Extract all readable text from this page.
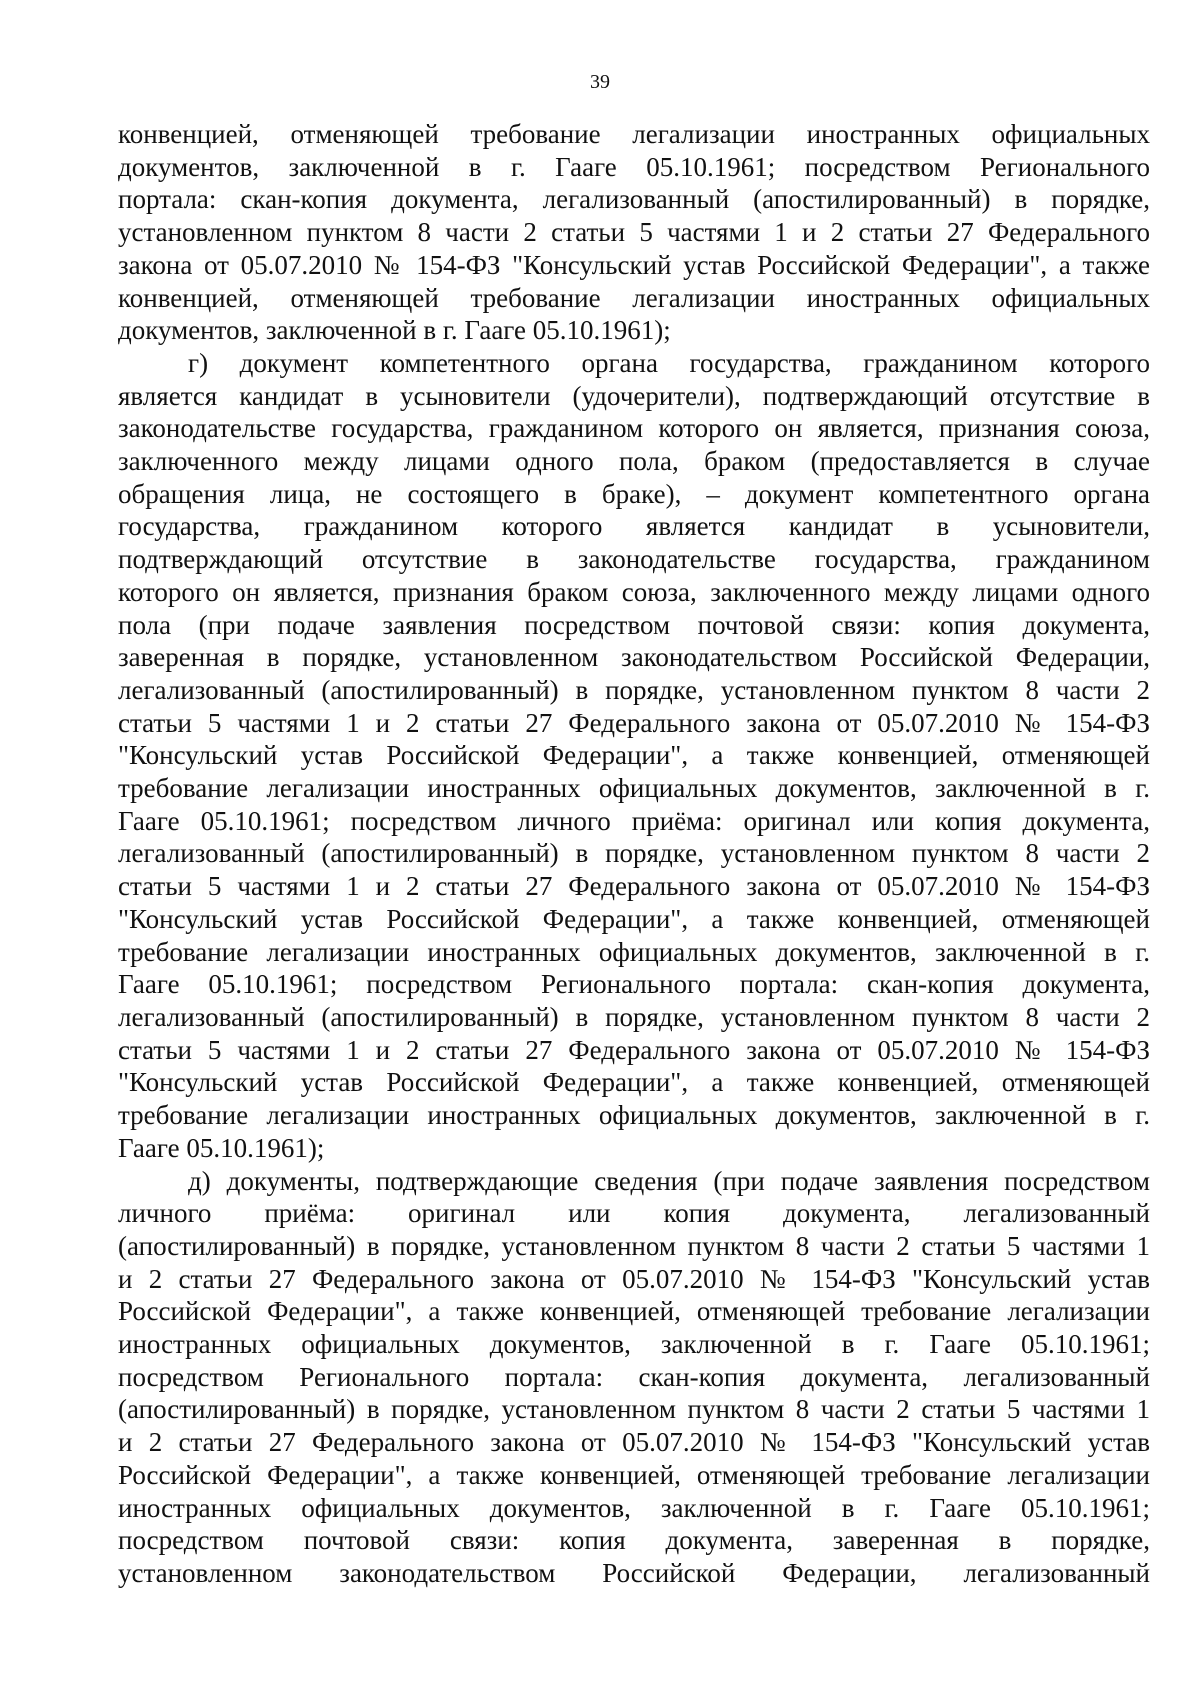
39
конвенцией, отменяющей требование легализации иностранных официальных
документов, заключенной в г. Гааге 05.10.1961; посредством Регионального
портала: скан-копия документа, легализованный (апостилированный) в порядке,
установленном пунктом 8 части 2 статьи 5 частями 1 и 2 статьи 27 Федерального
закона от 05.07.2010 № 154-ФЗ "Консульский устав Российской Федерации", а также
конвенцией, отменяющей требование легализации иностранных официальных
документов, заключенной в г. Гааге 05.10.1961);
г) документ компетентного органа государства, гражданином которого
является кандидат в усыновители (удочерители), подтверждающий отсутствие в
законодательстве государства, гражданином которого он является, признания союза,
заключенного между лицами одного пола, браком (предоставляется в случае
обращения лица, не состоящего в браке), – документ компетентного органа
государства, гражданином которого является кандидат в усыновители,
подтверждающий отсутствие в законодательстве государства, гражданином
которого он является, признания браком союза, заключенного между лицами одного
пола (при подаче заявления посредством почтовой связи: копия документа,
заверенная в порядке, установленном законодательством Российской Федерации,
легализованный (апостилированный) в порядке, установленном пунктом 8 части 2
статьи 5 частями 1 и 2 статьи 27 Федерального закона от 05.07.2010 № 154-ФЗ
"Консульский устав Российской Федерации", а также конвенцией, отменяющей
требование легализации иностранных официальных документов, заключенной в г.
Гааге 05.10.1961; посредством личного приёма: оригинал или копия документа,
легализованный (апостилированный) в порядке, установленном пунктом 8 части 2
статьи 5 частями 1 и 2 статьи 27 Федерального закона от 05.07.2010 № 154-ФЗ
"Консульский устав Российской Федерации", а также конвенцией, отменяющей
требование легализации иностранных официальных документов, заключенной в г.
Гааге 05.10.1961; посредством Регионального портала: скан-копия документа,
легализованный (апостилированный) в порядке, установленном пунктом 8 части 2
статьи 5 частями 1 и 2 статьи 27 Федерального закона от 05.07.2010 № 154-ФЗ
"Консульский устав Российской Федерации", а также конвенцией, отменяющей
требование легализации иностранных официальных документов, заключенной в г.
Гааге 05.10.1961);
д) документы, подтверждающие сведения (при подаче заявления посредством
личного приёма: оригинал или копия документа, легализованный
(апостилированный) в порядке, установленном пунктом 8 части 2 статьи 5 частями 1
и 2 статьи 27 Федерального закона от 05.07.2010 № 154-ФЗ "Консульский устав
Российской Федерации", а также конвенцией, отменяющей требование легализации
иностранных официальных документов, заключенной в г. Гааге 05.10.1961;
посредством Регионального портала: скан-копия документа, легализованный
(апостилированный) в порядке, установленном пунктом 8 части 2 статьи 5 частями 1
и 2 статьи 27 Федерального закона от 05.07.2010 № 154-ФЗ "Консульский устав
Российской Федерации", а также конвенцией, отменяющей требование легализации
иностранных официальных документов, заключенной в г. Гааге 05.10.1961;
посредством почтовой связи: копия документа, заверенная в порядке,
установленном законодательством Российской Федерации, легализованный
